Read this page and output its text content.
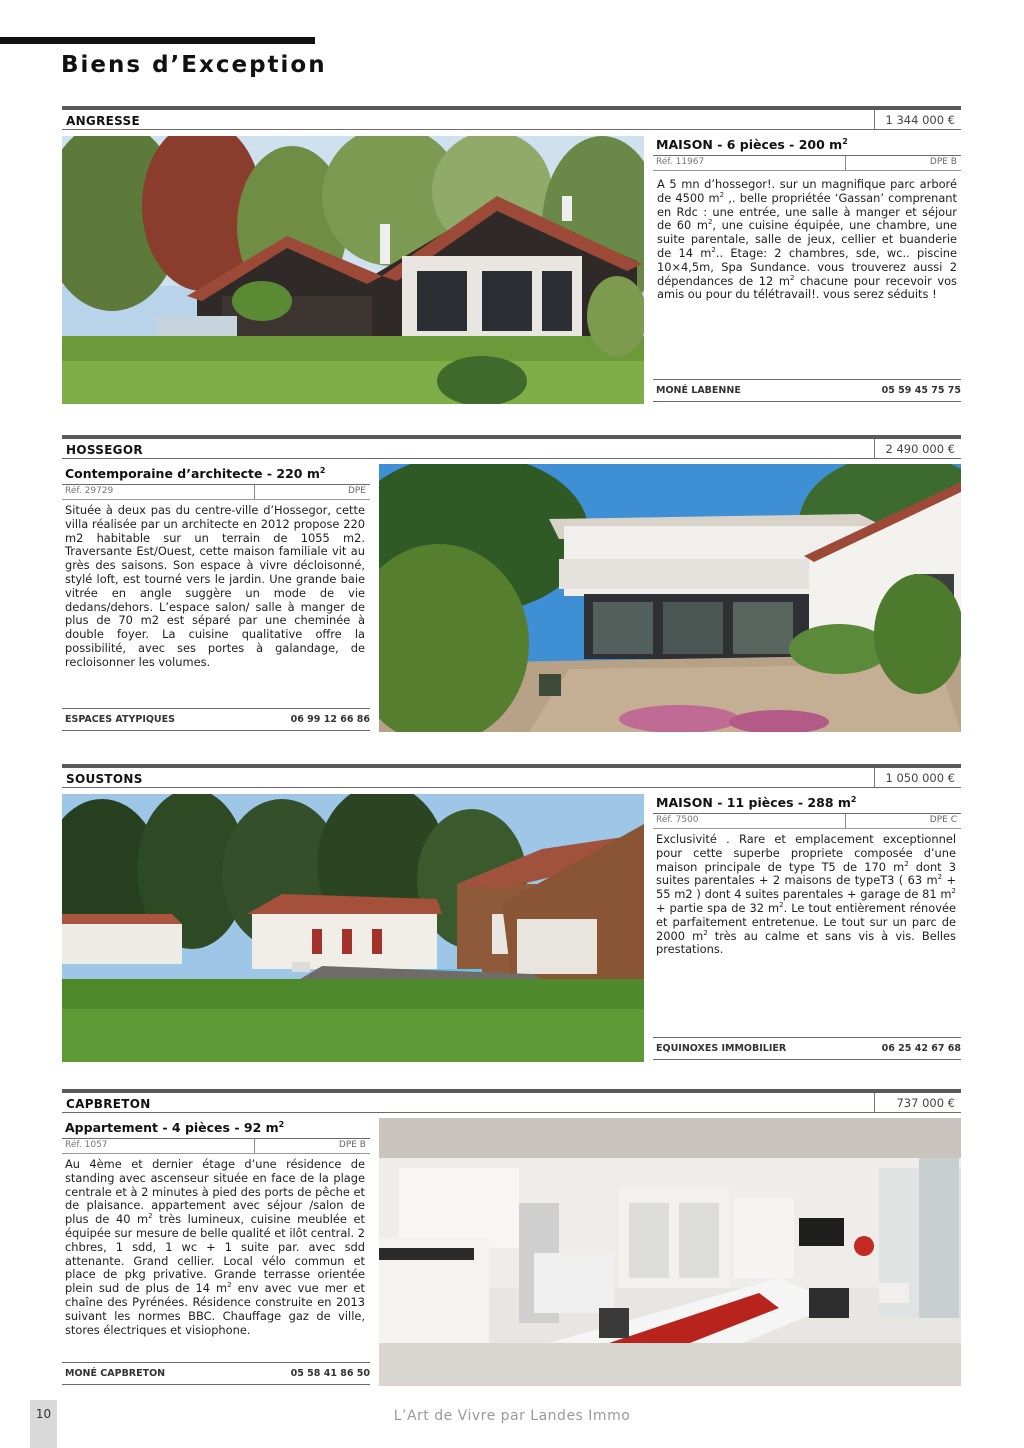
Biens d’Exception
ANGRESSE	1 344 000 €
MAISON - 6 pièces - 200 $m^2$
Réf. 11967	DPE B
A 5 mn d’hossegor!. sur un magnifique parc arboré de 4500 $m^2$ ,. belle propriétée ‘Gassan’ comprenant en Rdc : une entrée, une salle à manger et séjour de 60 $m^2$, une cuisine équipée, une chambre, une suite parentale, salle de jeux, cellier et buanderie de 14 $m^2$.. Etage: 2 chambres, sde, wc.. piscine 10×4,5m, Spa Sundance. vous trouverez aussi 2 dépendances de 12 $m^2$ chacune pour recevoir vos amis ou pour du télétravail!. vous serez séduits !
MONÉ LABENNE	05 59 45 75 75
HOSSEGOR	2 490 000 €
Contemporaine d’architecte - 220 $m^2$
Réf. 29729	DPE
Située à deux pas du centre-ville d’Hossegor, cette villa réalisée par un architecte en 2012 propose 220 m2 habitable sur un terrain de 1055 m2. Traversante Est/Ouest, cette maison familiale vit au grès des saisons. Son espace à vivre décloisonné, stylé loft, est tourné vers le jardin. Une grande baie vitrée en angle suggère un mode de vie dedans/dehors. L’espace salon/ salle à manger de plus de 70 m2 est séparé par une cheminée à double foyer. La cuisine qualitative offre la possibilité, avec ses portes à galandage, de recloisonner les volumes.
ESPACES ATYPIQUES	06 99 12 66 86
SOUSTONS	1 050 000 €
MAISON - 11 pièces - 288 $m^2$
Réf. 7500	DPE C
Exclusivité . Rare et emplacement exceptionnel pour cette superbe propriete composée d’une maison principale de type T5 de 170 $m^2$ dont 3 suites parentales + 2 maisons de typeT3 ( 63 $m^2 + 55$ m2 ) dont 4 suites parentales + garage de 81 $m^2$ + partie spa de 32 $m^2$. Le tout entièrement rénovée et parfaitement entretenue. Le tout sur un parc de 2000 $m^2$ très au calme et sans vis à vis. Belles prestations.
EQUINOXES IMMOBILIER	06 25 42 67 68
CAPBRETON	737 000 €
Appartement - 4 pièces - 92 $m^2$
Réf. 1057	DPE B
Au 4ème et dernier étage d’une résidence de standing avec ascenseur située en face de la plage centrale et à 2 minutes à pied des ports de pêche et de plaisance. appartement avec séjour /salon de plus de 40 $m^2$ très lumineux, cuisine meublée et équipée sur mesure de belle qualité et ilôt central. 2 chbres, 1 sdd, 1 wc + 1 suite par. avec sdd attenante. Grand cellier. Local vélo commun et place de pkg privative. Grande terrasse orientée plein sud de plus de 14 $m^2$ env avec vue mer et chaîne des Pyrénées. Résidence construite en 2013 suivant les normes BBC. Chauffage gaz de ville, stores électriques et visiophone.
MONÉ CAPBRETON	05 58 41 86 50
10	L’Art de Vivre par Landes Immo
